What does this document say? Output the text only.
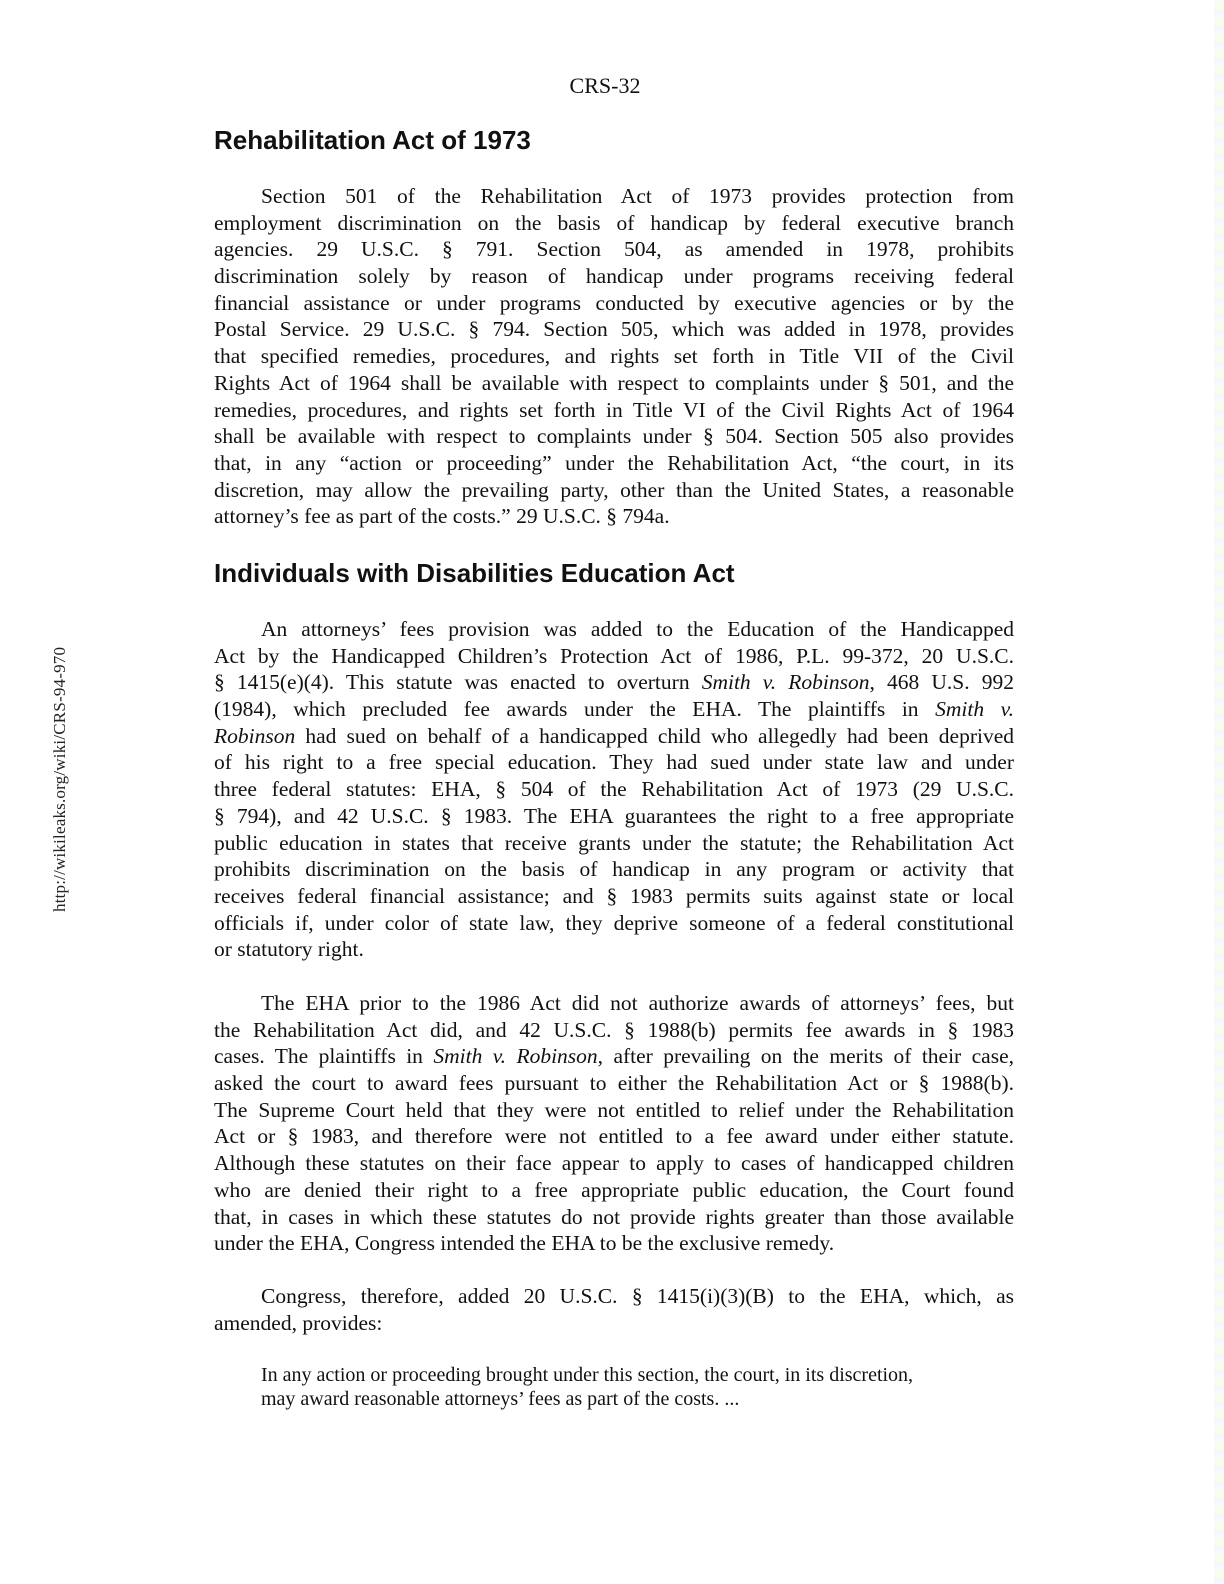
CRS-32
http://wikileaks.org/wiki/CRS-94-970
Rehabilitation Act of 1973
Section 501 of the Rehabilitation Act of 1973 provides protection from
employment discrimination on the basis of handicap by federal executive branch
agencies. 29 U.S.C. § 791. Section 504, as amended in 1978, prohibits
discrimination solely by reason of handicap under programs receiving federal
financial assistance or under programs conducted by executive agencies or by the
Postal Service. 29 U.S.C. § 794. Section 505, which was added in 1978, provides
that specified remedies, procedures, and rights set forth in Title VII of the Civil
Rights Act of 1964 shall be available with respect to complaints under § 501, and the
remedies, procedures, and rights set forth in Title VI of the Civil Rights Act of 1964
shall be available with respect to complaints under § 504. Section 505 also provides
that, in any “action or proceeding” under the Rehabilitation Act, “the court, in its
discretion, may allow the prevailing party, other than the United States, a reasonable
attorney’s fee as part of the costs.” 29 U.S.C. § 794a.
Individuals with Disabilities Education Act
An attorneys’ fees provision was added to the Education of the Handicapped
Act by the Handicapped Children’s Protection Act of 1986, P.L. 99-372, 20 U.S.C.
§ 1415(e)(4). This statute was enacted to overturn Smith v. Robinson, 468 U.S. 992
(1984), which precluded fee awards under the EHA. The plaintiffs in Smith v.
Robinson had sued on behalf of a handicapped child who allegedly had been deprived
of his right to a free special education. They had sued under state law and under
three federal statutes: EHA, § 504 of the Rehabilitation Act of 1973 (29 U.S.C.
§ 794), and 42 U.S.C. § 1983. The EHA guarantees the right to a free appropriate
public education in states that receive grants under the statute; the Rehabilitation Act
prohibits discrimination on the basis of handicap in any program or activity that
receives federal financial assistance; and § 1983 permits suits against state or local
officials if, under color of state law, they deprive someone of a federal constitutional
or statutory right.
The EHA prior to the 1986 Act did not authorize awards of attorneys’ fees, but
the Rehabilitation Act did, and 42 U.S.C. § 1988(b) permits fee awards in § 1983
cases. The plaintiffs in Smith v. Robinson, after prevailing on the merits of their case,
asked the court to award fees pursuant to either the Rehabilitation Act or § 1988(b).
The Supreme Court held that they were not entitled to relief under the Rehabilitation
Act or § 1983, and therefore were not entitled to a fee award under either statute.
Although these statutes on their face appear to apply to cases of handicapped children
who are denied their right to a free appropriate public education, the Court found
that, in cases in which these statutes do not provide rights greater than those available
under the EHA, Congress intended the EHA to be the exclusive remedy.
Congress, therefore, added 20 U.S.C. § 1415(i)(3)(B) to the EHA, which, as
amended, provides:
In any action or proceeding brought under this section, the court, in its discretion,
may award reasonable attorneys’ fees as part of the costs. ...
